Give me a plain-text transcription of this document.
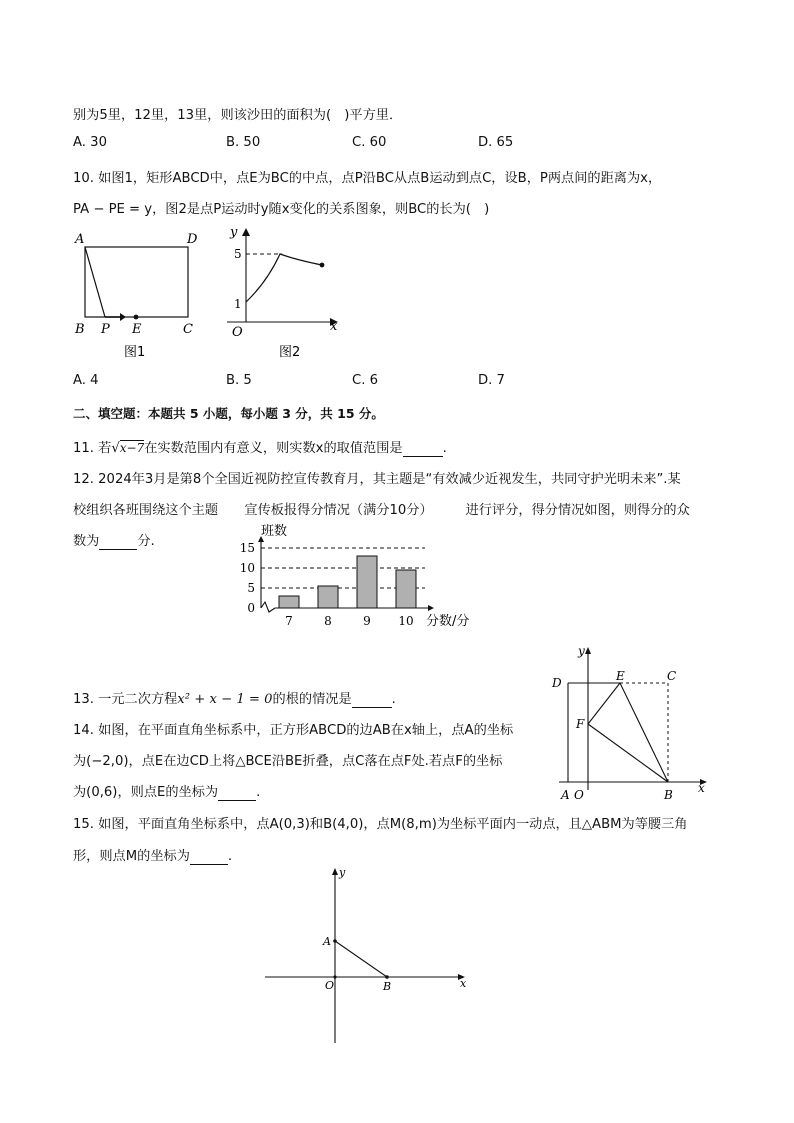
别为5里，12里，13里，则该沙田的面积为(　)平方里．
A. 30	B. 50	C. 60	D. 65
10. 如图1，矩形ABCD中，点E为BC的中点，点P沿BC从点B运动到点C，设B，P两点间的距离为x，
PA − PE = y，图2是点P运动时y随x变化的关系图象，则BC的长为(　)
A	D
B P E	C
图1
y
x
O
5
1
图2
A. 4	B. 5	C. 6	D. 7
二、填空题：本题共 5 小题，每小题 3 分，共 15 分。
11. 若√x−7在实数范围内有意义，则实数x的取值范围是	.
12. 2024年3月是第8个全国近视防控宣传教育月，其主题是“有效减少近视发生，共同守护光明未来”.某
校组织各班围绕这个主题　　宣传板报得分情况（满分10分）　　　进行评分，得分情况如图，则得分的众
数为	分.
班数
15
10
5
0
7	8	9 10 分数/分
13. 一元二次方程x² + x − 1 = 0的根的情况是	.
14. 如图，在平面直角坐标系中，正方形ABCD的边AB在x轴上，点A的坐标
为(−2,0)，点E在边CD上将△BCE沿BE折叠，点C落在点F处.若点F的坐标
为(0,6)，则点E的坐标为	.
y
x
D	E	C
F
A O	B
15. 如图，平面直角坐标系中，点A(0,3)和B(4,0)，点M(8,m)为坐标平面内一动点，且△ABM为等腰三角
形，则点M的坐标为	.
y
x
A
O	B
